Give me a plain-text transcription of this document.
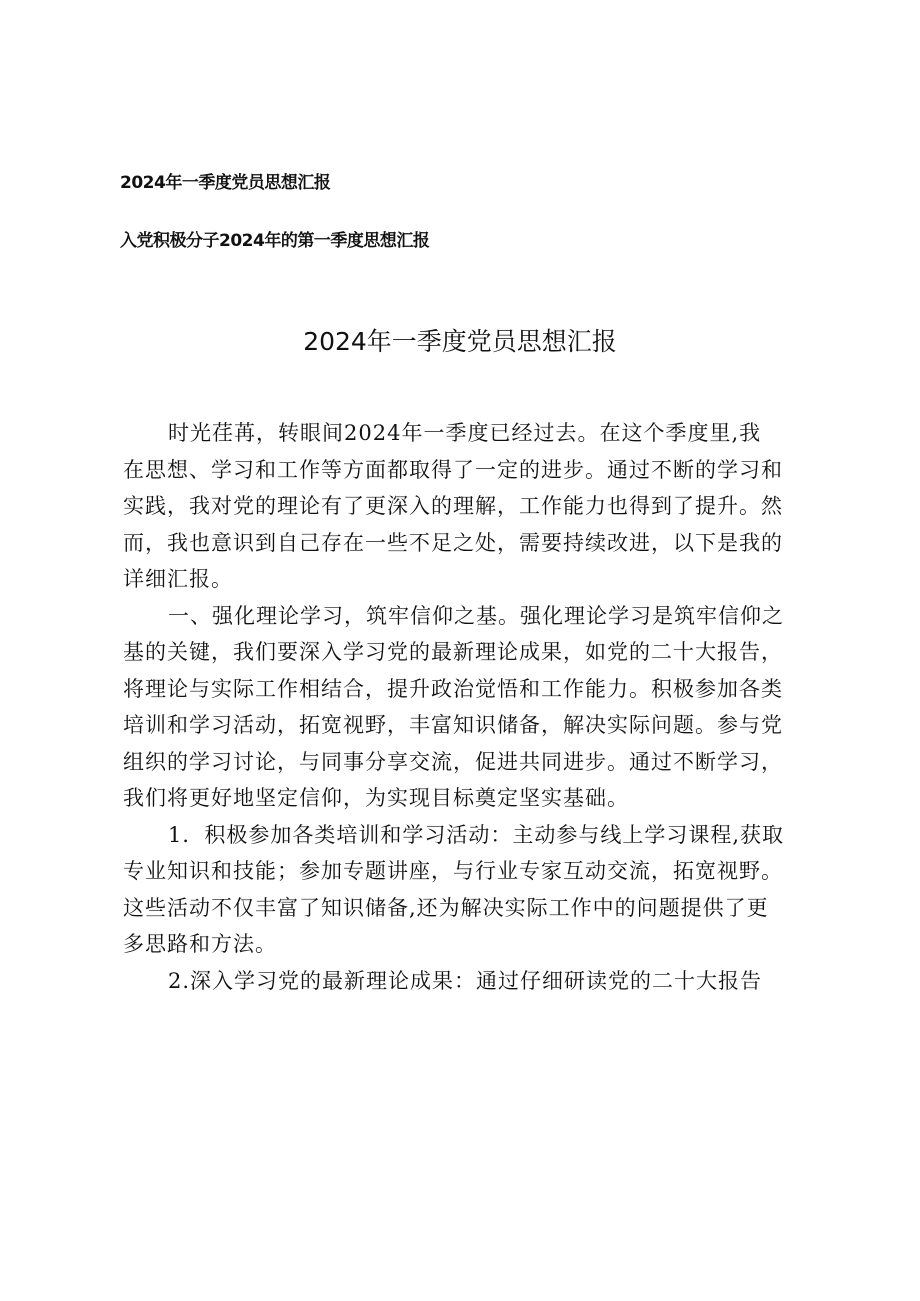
2024年一季度党员思想汇报
入党积极分子2024年的第一季度思想汇报
2024年一季度党员思想汇报
时光荏苒，转眼间2024年一季度已经过去。在这个季度里,我
在思想、学习和工作等方面都取得了一定的进步。通过不断的学习和
实践，我对党的理论有了更深入的理解，工作能力也得到了提升。然
而，我也意识到自己存在一些不足之处，需要持续改进，以下是我的
详细汇报。
一、强化理论学习，筑牢信仰之基。强化理论学习是筑牢信仰之
基的关键，我们要深入学习党的最新理论成果，如党的二十大报告，
将理论与实际工作相结合，提升政治觉悟和工作能力。积极参加各类
培训和学习活动，拓宽视野，丰富知识储备，解决实际问题。参与党
组织的学习讨论，与同事分享交流，促进共同进步。通过不断学习，
我们将更好地坚定信仰，为实现目标奠定坚实基础。
1．积极参加各类培训和学习活动：主动参与线上学习课程,获取
专业知识和技能；参加专题讲座，与行业专家互动交流，拓宽视野。
这些活动不仅丰富了知识储备,还为解决实际工作中的问题提供了更
多思路和方法。
2.深入学习党的最新理论成果：通过仔细研读党的二十大报告
